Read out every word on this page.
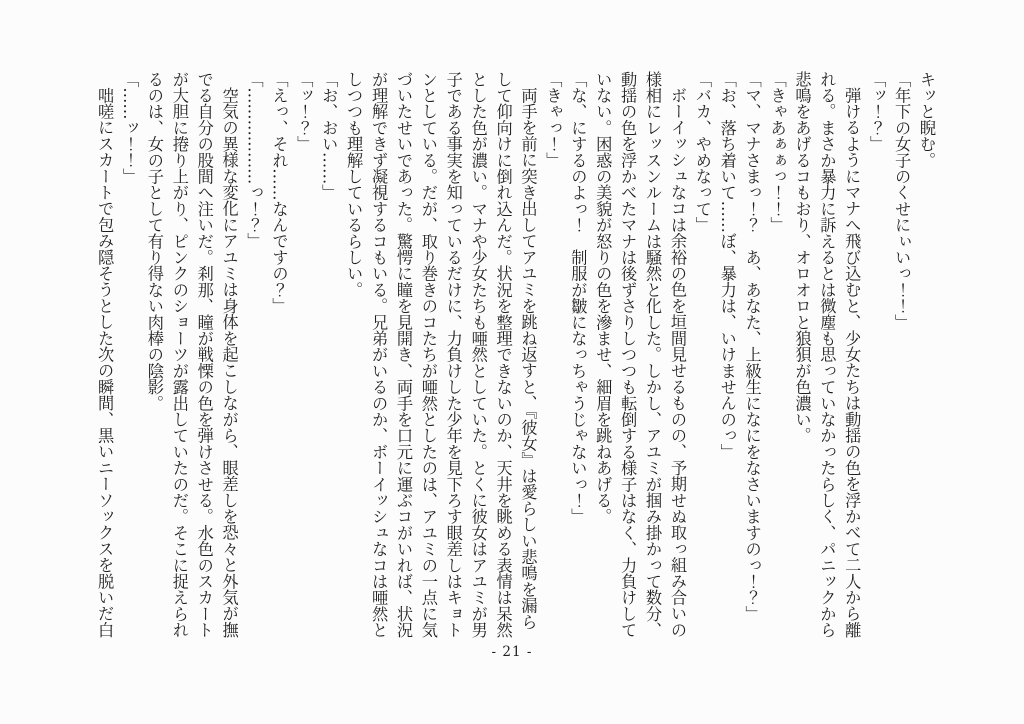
キッと睨む。

「年下の女子のくせにぃいっ！！」

「ッ！？」

弾けるようにマナへ飛び込むと、少女たちは動揺の色を浮かべて二人から離れる。まさか暴力に訴えるとは微塵も思っていなかったらしく、パニックから悲鳴をあげるコもおり、オロオロと狼狽が色濃い。

「きゃあぁぁっ！！」

「マ、マナさまっ！？　あ、あなた、上級生になにをなさいますのっ！？」

「お、落ち着いて……ぼ、暴力は、いけませんのっ」

「バカ、やめなって」

ボーイッシュなコは余裕の色を垣間見せるものの、予期せぬ取っ組み合いの様相にレッスンルームは騒然と化した。しかし、アユミが掴み掛かって数分、動揺の色を浮かべたマナは後ずさりしつつも転倒する様子はなく、力負けしていない。困惑の美貌が怒りの色を滲ませ、細眉を跳ねあげる。

「な、にするのよっ！　制服が皺になっちゃうじゃないっ！」

「きゃっ！」

両手を前に突き出してアユミを跳ね返すと、『彼女』は愛らしい悲鳴を漏らして仰向けに倒れ込んだ。状況を整理できないのか、天井を眺める表情は呆然とした色が濃い。マナや少女たちも唖然としていた。とくに彼女はアユミが男子である事実を知っているだけに、力負けした少年を見下ろす眼差しはキョトンとしている。だが、取り巻きのコたちが唖然としたのは、アユミの一点に気づいたせいであった。驚愕に瞳を見開き、両手を口元に運ぶコがいれば、状況が理解できず凝視するコもいる。兄弟がいるのか、ボーイッシュなコは唖然としつつも理解しているらしい。

「お、おい……」

「ッ！？」

「えっ、それ……なんですの？」

「………………っ！？」

空気の異様な変化にアユミは身体を起こしながら、眼差しを恐々と外気が撫でる自分の股間へ注いだ。刹那、瞳が戦慄の色を弾けさせる。水色のスカートが大胆に捲り上がり、ピンクのショーツが露出していたのだ。そこに捉えられるのは、女の子として有り得ない肉棒の陰影。

「……ッ！！」

咄嗟にスカートで包み隠そうとした次の瞬間、黒いニーソックスを脱いだ白

- 21 -
